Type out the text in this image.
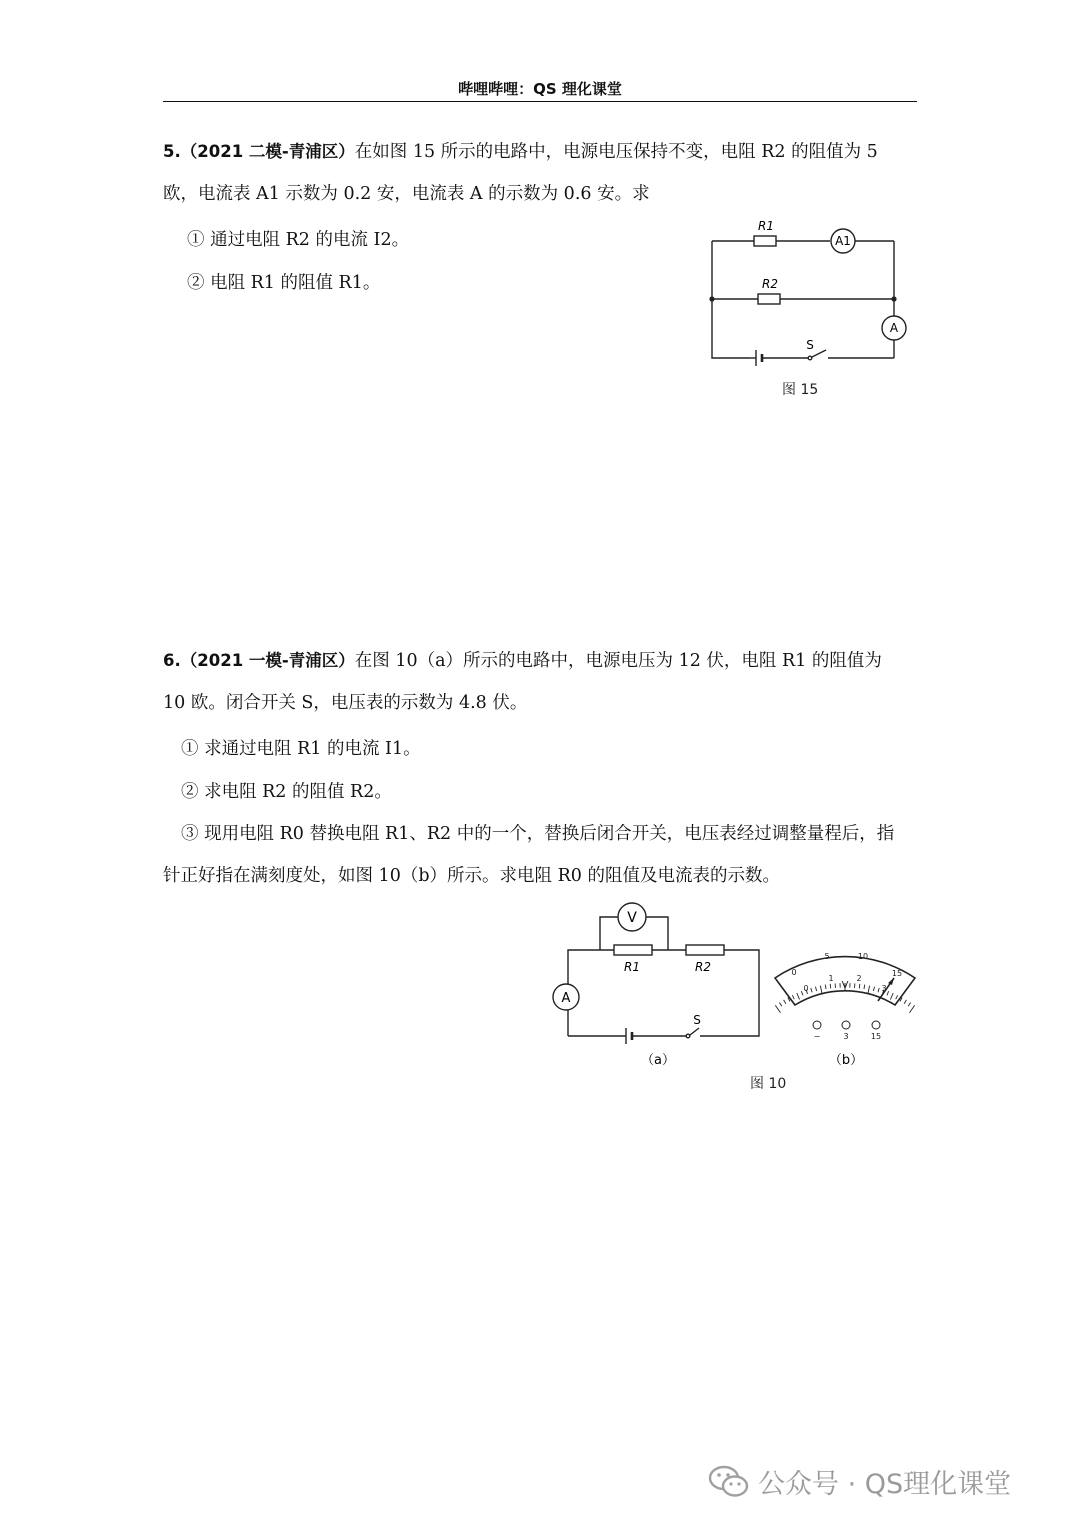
哔哩哔哩：QS 理化课堂
5.（2021 二模-青浦区）在如图 15 所示的电路中，电源电压保持不变，电阻 R2 的阻值为 5
欧，电流表 A1 示数为 0.2 安，电流表 A 的示数为 0.6 安。求
① 通过电阻 R2 的电流 I2。
② 电阻 R1 的阻值 R1。
R1
R2
A1
A
S
图 15
6.（2021 一模-青浦区）在图 10（a）所示的电路中，电源电压为 12 伏，电阻 R1 的阻值为
10 欧。闭合开关 S，电压表的示数为 4.8 伏。
① 求通过电阻 R1 的电流 I1。
② 求电阻 R2 的阻值 R2。
③ 现用电阻 R0 替换电阻 R1、R2 中的一个，替换后闭合开关，电压表经过调整量程后，指
针正好指在满刻度处，如图 10（b）所示。求电阻 R0 的阻值及电流表的示数。
V
A
R1	R2
S
（a）
0
5	10
15
0
1	2
3
V
−	3	15
（b）
图 10
公众号 · QS理化课堂
